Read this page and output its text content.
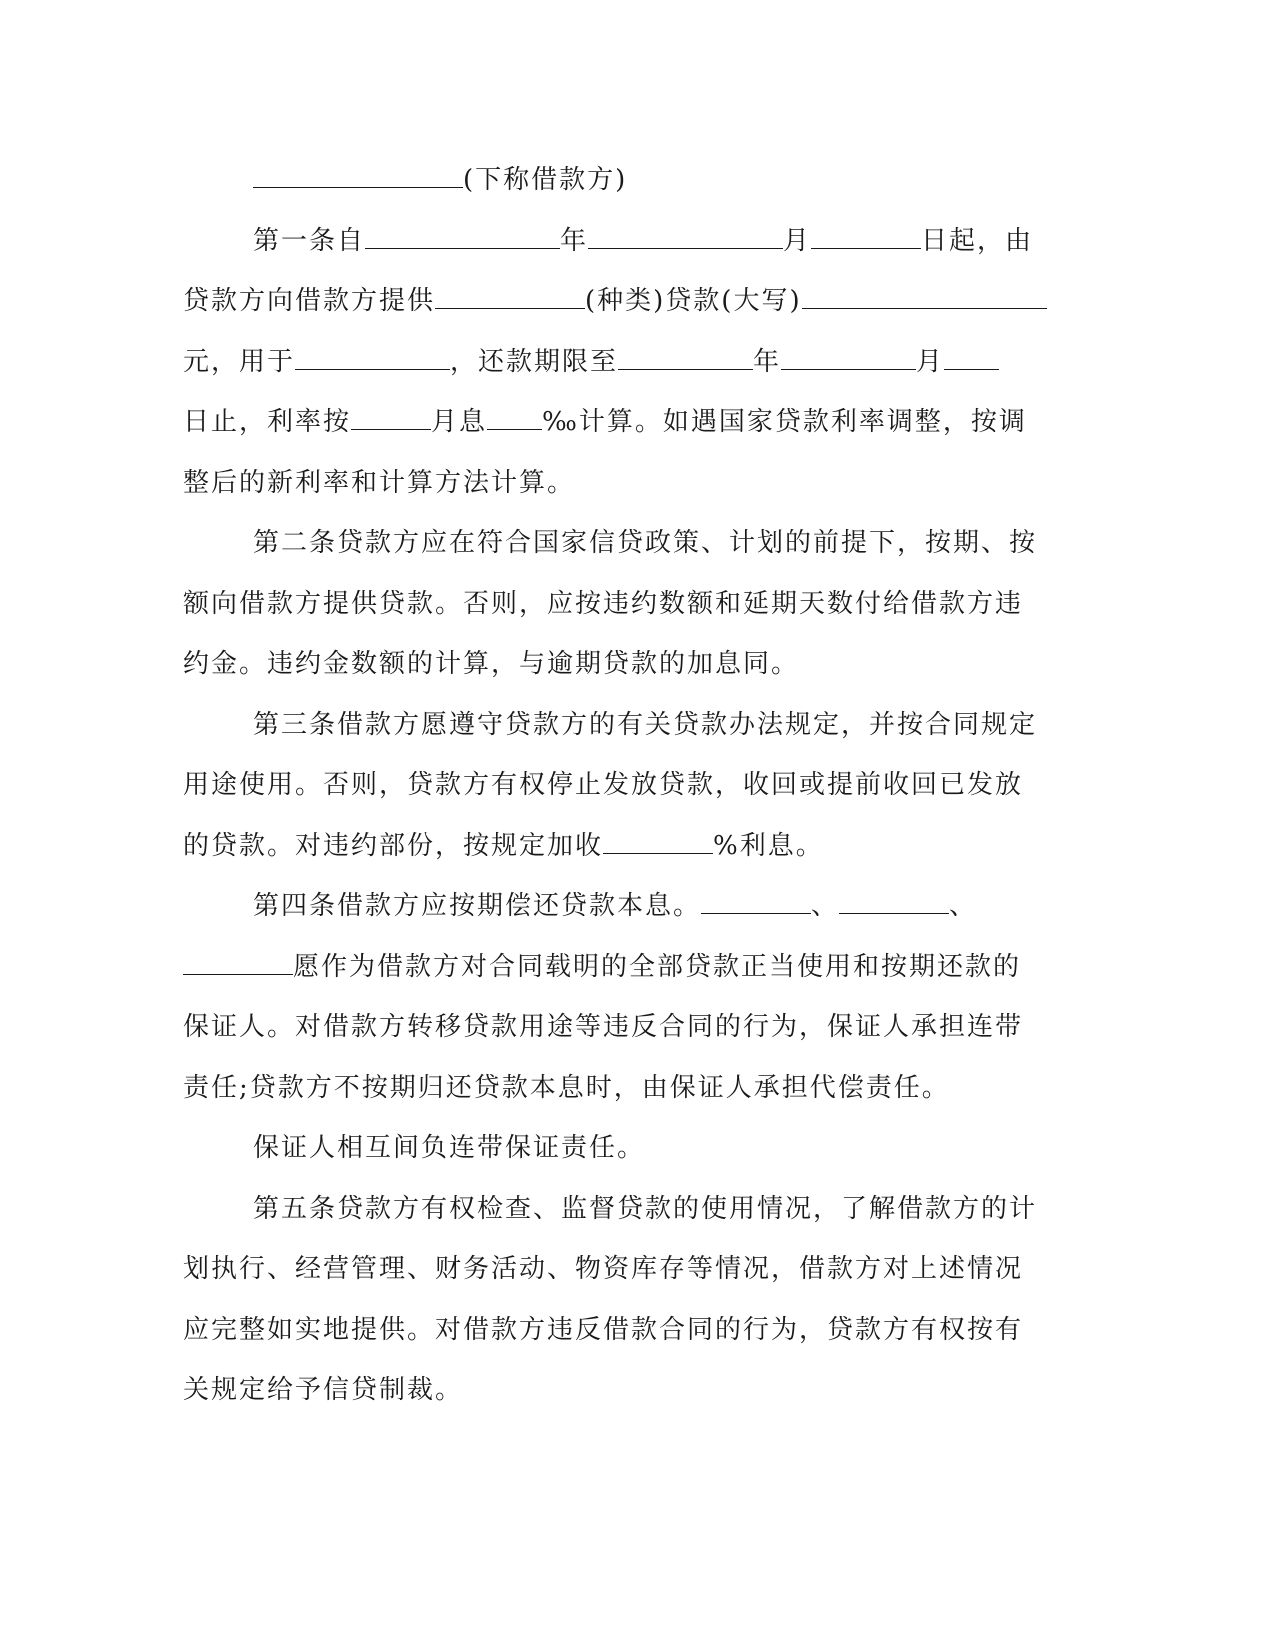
(下称借款方)
第一条自	年	月	日起，由
贷款方向借款方提供	(种类)贷款(大写)
元，用于	，还款期限至	年	月
日止，利率按	月息 ‰计算。如遇国家贷款利率调整，按调
整后的新利率和计算方法计算。
第二条贷款方应在符合国家信贷政策、计划的前提下，按期、按
额向借款方提供贷款。否则，应按违约数额和延期天数付给借款方违
约金。违约金数额的计算，与逾期贷款的加息同。
第三条借款方愿遵守贷款方的有关贷款办法规定，并按合同规定
用途使用。否则，贷款方有权停止发放贷款，收回或提前收回已发放
的贷款。对违约部份，按规定加收	%利息。
第四条借款方应按期偿还贷款本息。	、	、
愿作为借款方对合同载明的全部贷款正当使用和按期还款的
保证人。对借款方转移贷款用途等违反合同的行为，保证人承担连带
责任;贷款方不按期归还贷款本息时，由保证人承担代偿责任。
保证人相互间负连带保证责任。
第五条贷款方有权检查、监督贷款的使用情况，了解借款方的计
划执行、经营管理、财务活动、物资库存等情况，借款方对上述情况
应完整如实地提供。对借款方违反借款合同的行为，贷款方有权按有
关规定给予信贷制裁。
